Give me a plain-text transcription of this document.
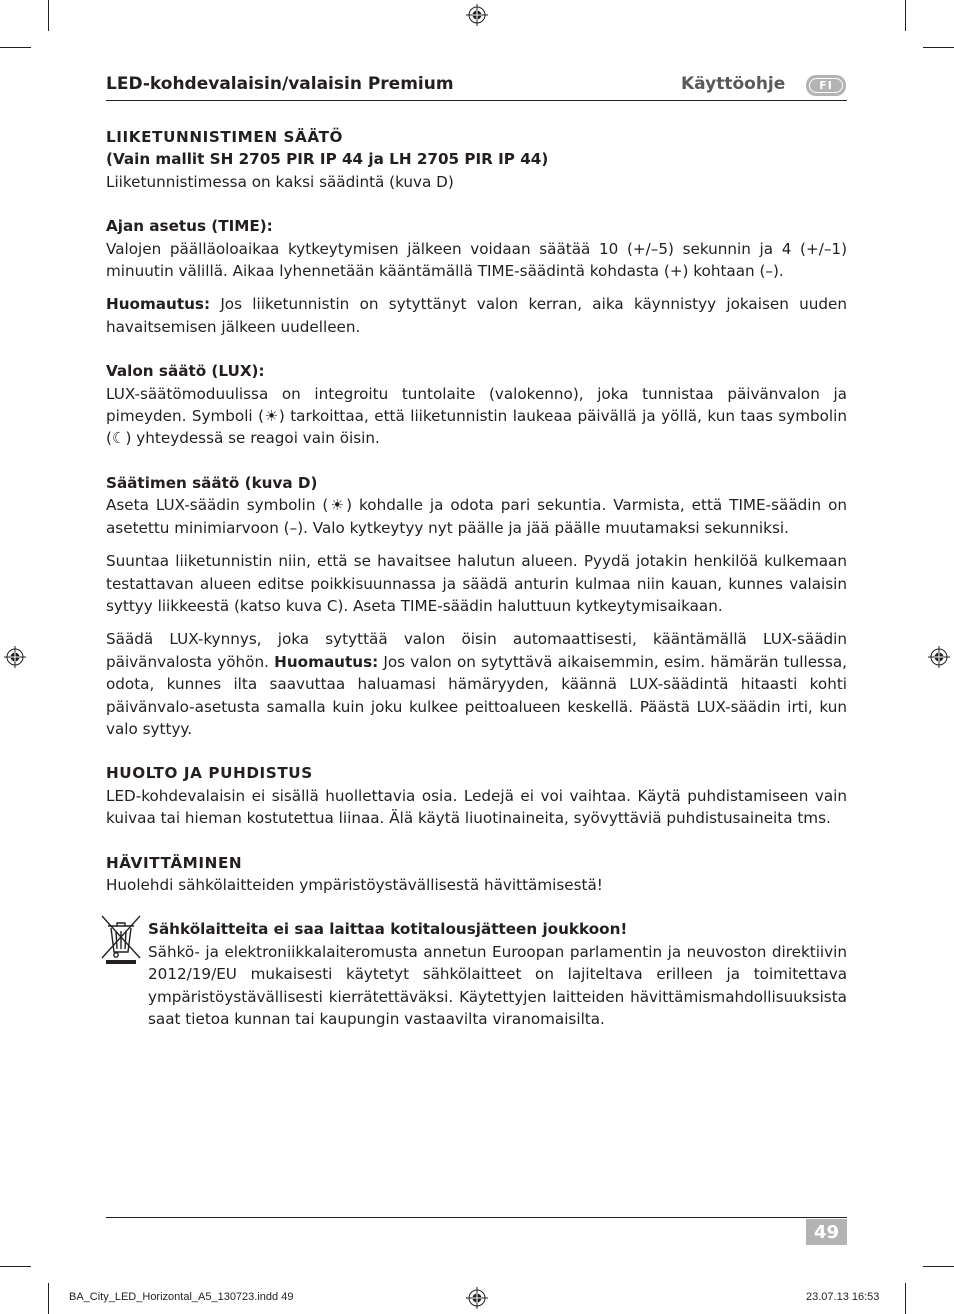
LED-kohdevalaisin/valaisin Premium	Käyttöohje	FI
LIIKETUNNISTIMEN SÄÄTÖ
(Vain mallit SH 2705 PIR IP 44 ja LH 2705 PIR IP 44)

Liiketunnistimessa on kaksi säädintä (kuva D)

Ajan asetus (TIME):

Valojen päälläoloaikaa kytkeytymisen jälkeen voidaan säätää 10 (+/–5) sekunnin ja 4 (+/–1) minuutin välillä. Aikaa lyhennetään kääntämällä TIME-säädintä kohdasta (+) kohtaan (–).

Huomautus: Jos liiketunnistin on sytyttänyt valon kerran, aika käynnistyy jokaisen uuden havaitsemisen jälkeen uudelleen.

Valon säätö (LUX):

LUX-säätömoduulissa on integroitu tuntolaite (valokenno), joka tunnistaa päivänvalon ja pimeyden. Symboli (☀) tarkoittaa, että liiketunnistin laukeaa päivällä ja yöllä, kun taas symbolin (☾) yhteydessä se reagoi vain öisin.

Säätimen säätö (kuva D)

Aseta LUX-säädin symbolin (☀) kohdalle ja odota pari sekuntia. Varmista, että TIME-säädin on asetettu minimiarvoon (–). Valo kytkeytyy nyt päälle ja jää päälle muutamaksi sekunniksi.

Suuntaa liiketunnistin niin, että se havaitsee halutun alueen. Pyydä jotakin henkilöä kulkemaan testattavan alueen editse poikkisuunnassa ja säädä anturin kulmaa niin kauan, kunnes valaisin syttyy liikkeestä (katso kuva C). Aseta TIME-säädin haluttuun kytkeytymisaikaan.

Säädä LUX-kynnys, joka sytyttää valon öisin automaattisesti, kääntämällä LUX-säädin päivänvalosta yöhön. Huomautus: Jos valon on sytyttävä aikaisemmin, esim. hämärän tullessa, odota, kunnes ilta saavuttaa haluamasi hämäryyden, käännä LUX-säädintä hitaasti kohti päivänvalo-asetusta samalla kuin joku kulkee peittoalueen keskellä. Päästä LUX-säädin irti, kun valo syttyy.

HUOLTO JA PUHDISTUS

LED-kohdevalaisin ei sisällä huollettavia osia. Ledejä ei voi vaihtaa. Käytä puhdistamiseen vain kuivaa tai hieman kostutettua liinaa. Älä käytä liuotinaineita, syövyttäviä puhdistusaineita tms.

HÄVITTÄMINEN

Huolehdi sähkölaitteiden ympäristöystävällisestä hävittämisestä!

Sähkölaitteita ei saa laittaa kotitalousjätteen joukkoon!

Sähkö- ja elektroniikkalaiteromusta annetun Euroopan parlamentin ja neuvoston direktiivin 2012/19/EU mukaisesti käytetyt sähkölaitteet on lajiteltava erilleen ja toimitettava ympäristöystävällisesti kierrätettäväksi. Käytettyjen laitteiden hävittämismahdollisuuksista saat tietoa kunnan tai kaupungin vastaavilta viranomaisilta.

49
BA_City_LED_Horizontal_A5_130723.indd 49	23.07.13 16:53
